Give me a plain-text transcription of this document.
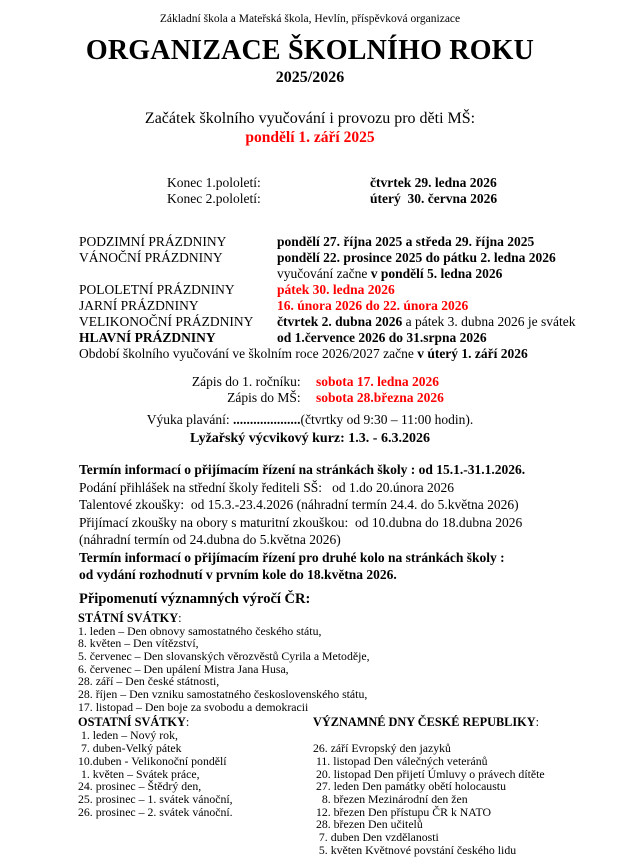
Základní škola a Mateřská škola, Hevlín, příspěvková organizace
ORGANIZACE ŠKOLNÍHO ROKU
2025/2026
Začátek školního vyučování i provozu pro děti MŠ:
pondělí 1. září 2025
Konec 1.pololetí:	čtvrtek 29. ledna 2026
Konec 2.pololetí:	úterý  30. června 2026
PODZIMNÍ PRÁZDNINY	pondělí 27. října 2025 a středa 29. října 2025
VÁNOČNÍ PRÁZDNINY	pondělí 22. prosince 2025 do pátku 2. ledna 2026
vyučování začne v pondělí 5. ledna 2026
POLOLETNÍ PRÁZDNINY	pátek 30. ledna 2026
JARNÍ PRÁZDNINY	16. února 2026 do 22. února 2026
VELIKONOČNÍ PRÁZDNINY	čtvrtek 2. dubna 2026 a pátek 3. dubna 2026 je svátek
HLAVNÍ PRÁZDNINY	od 1.července 2026 do 31.srpna 2026
Období školního vyučování ve školním roce 2026/2027 začne v úterý 1. září 2026
Zápis do 1. ročníku: sobota 17. ledna 2026
Zápis do MŠ: sobota 28.března 2026
Výuka plavání: ....................(čtvrtky od 9:30 – 11:00 hodin).
Lyžařský výcvikový kurz: 1.3. - 6.3.2026
Termín informací o přijímacím řízení na stránkách školy : od 15.1.-31.1.2026.
Podání přihlášek na střední školy řediteli SŠ:   od 1.do 20.února 2026
Talentové zkoušky:  od 15.3.-23.4.2026 (náhradní termín 24.4. do 5.května 2026)
Přijímací zkoušky na obory s maturitní zkouškou:  od 10.dubna do 18.dubna 2026
(náhradní termín od 24.dubna do 5.května 2026)
Termín informací o přijímacím řízení pro druhé kolo na stránkách školy :
od vydání rozhodnutí v prvním kole do 18.května 2026.
Připomenutí významných výročí ČR:
STÁTNÍ SVÁTKY:
1. leden – Den obnovy samostatného českého státu,
8. květen – Den vítězství,
5. červenec – Den slovanských věrozvěstů Cyrila a Metoděje,
6. červenec – Den upálení Mistra Jana Husa,
28. září – Den české státnosti,
28. říjen – Den vzniku samostatného československého státu,
17. listopad – Den boje za svobodu a demokracii
OSTATNÍ SVÁTKY:
1. leden – Nový rok,
7. duben-Velký pátek
10.duben - Velikonoční pondělí
1. květen – Svátek práce,
24. prosinec – Štědrý den,
25. prosinec – 1. svátek vánoční,
26. prosinec – 2. svátek vánoční.
VÝZNAMNÉ DNY ČESKÉ REPUBLIKY:
26. září Evropský den jazyků
11. listopad Den válečných veteránů
20. listopad Den přijetí Úmluvy o právech dítěte
27. leden Den památky obětí holocaustu
8. březen Mezinárodní den žen
12. březen Den přístupu ČR k NATO
28. březen Den učitelů
7. duben Den vzdělanosti
5. květen Květnové povstání českého lidu
